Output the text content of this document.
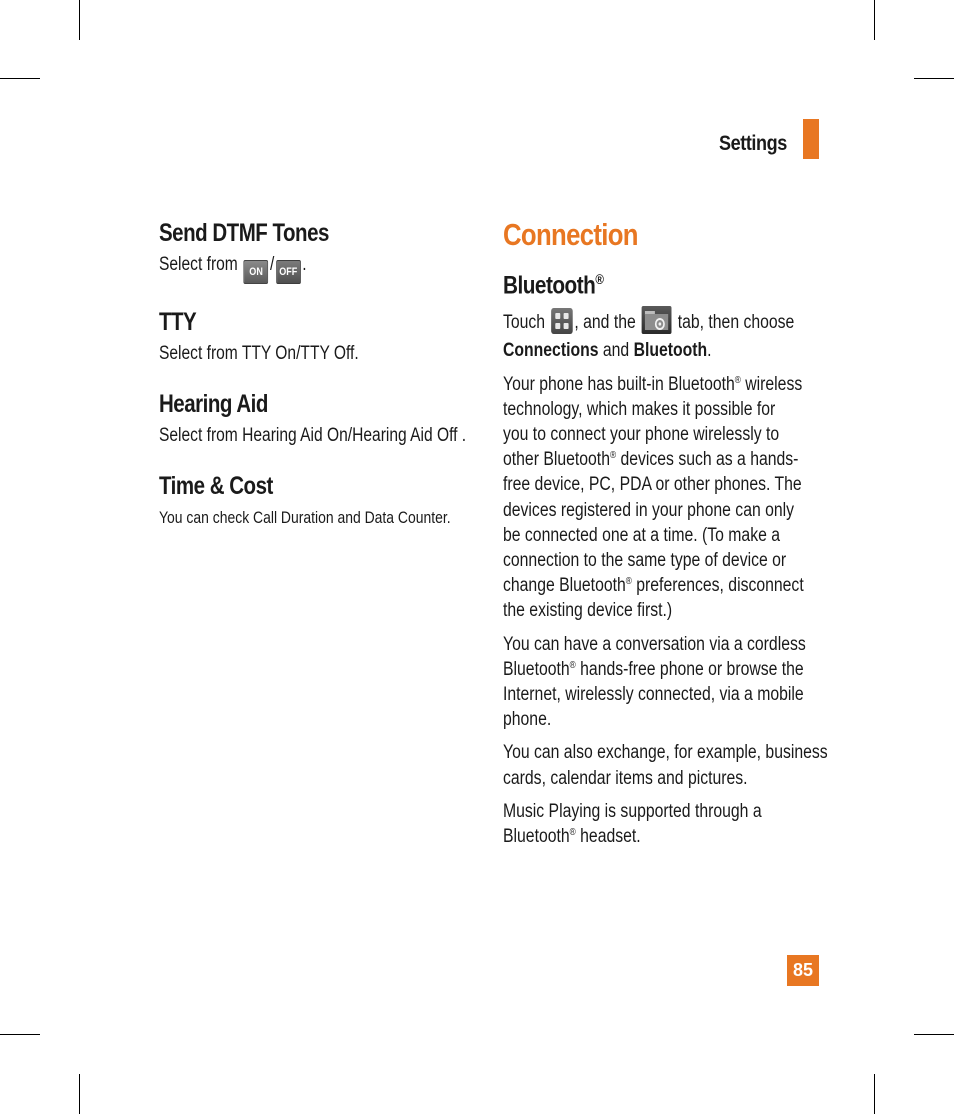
Settings
Send DTMF Tones

Select from ON / OFF .

TTY

Select from TTY On/TTY Off.

Hearing Aid

Select from Hearing Aid On/Hearing Aid Off .

Time & Cost

You can check Call Duration and Data Counter.

Connection
Bluetooth®

Touch , and the tab, then choose

Connections and Bluetooth.

Your phone has built-in Bluetooth® wireless

technology, which makes it possible for

you to connect your phone wirelessly to

other Bluetooth® devices such as a hands-

free device, PC, PDA or other phones. The

devices registered in your phone can only

be connected one at a time. (To make a

connection to the same type of device or

change Bluetooth® preferences, disconnect

the existing device first.)

You can have a conversation via a cordless

Bluetooth® hands-free phone or browse the

Internet, wirelessly connected, via a mobile

phone.

You can also exchange, for example, business

cards, calendar items and pictures.

Music Playing is supported through a

Bluetooth® headset.

85
